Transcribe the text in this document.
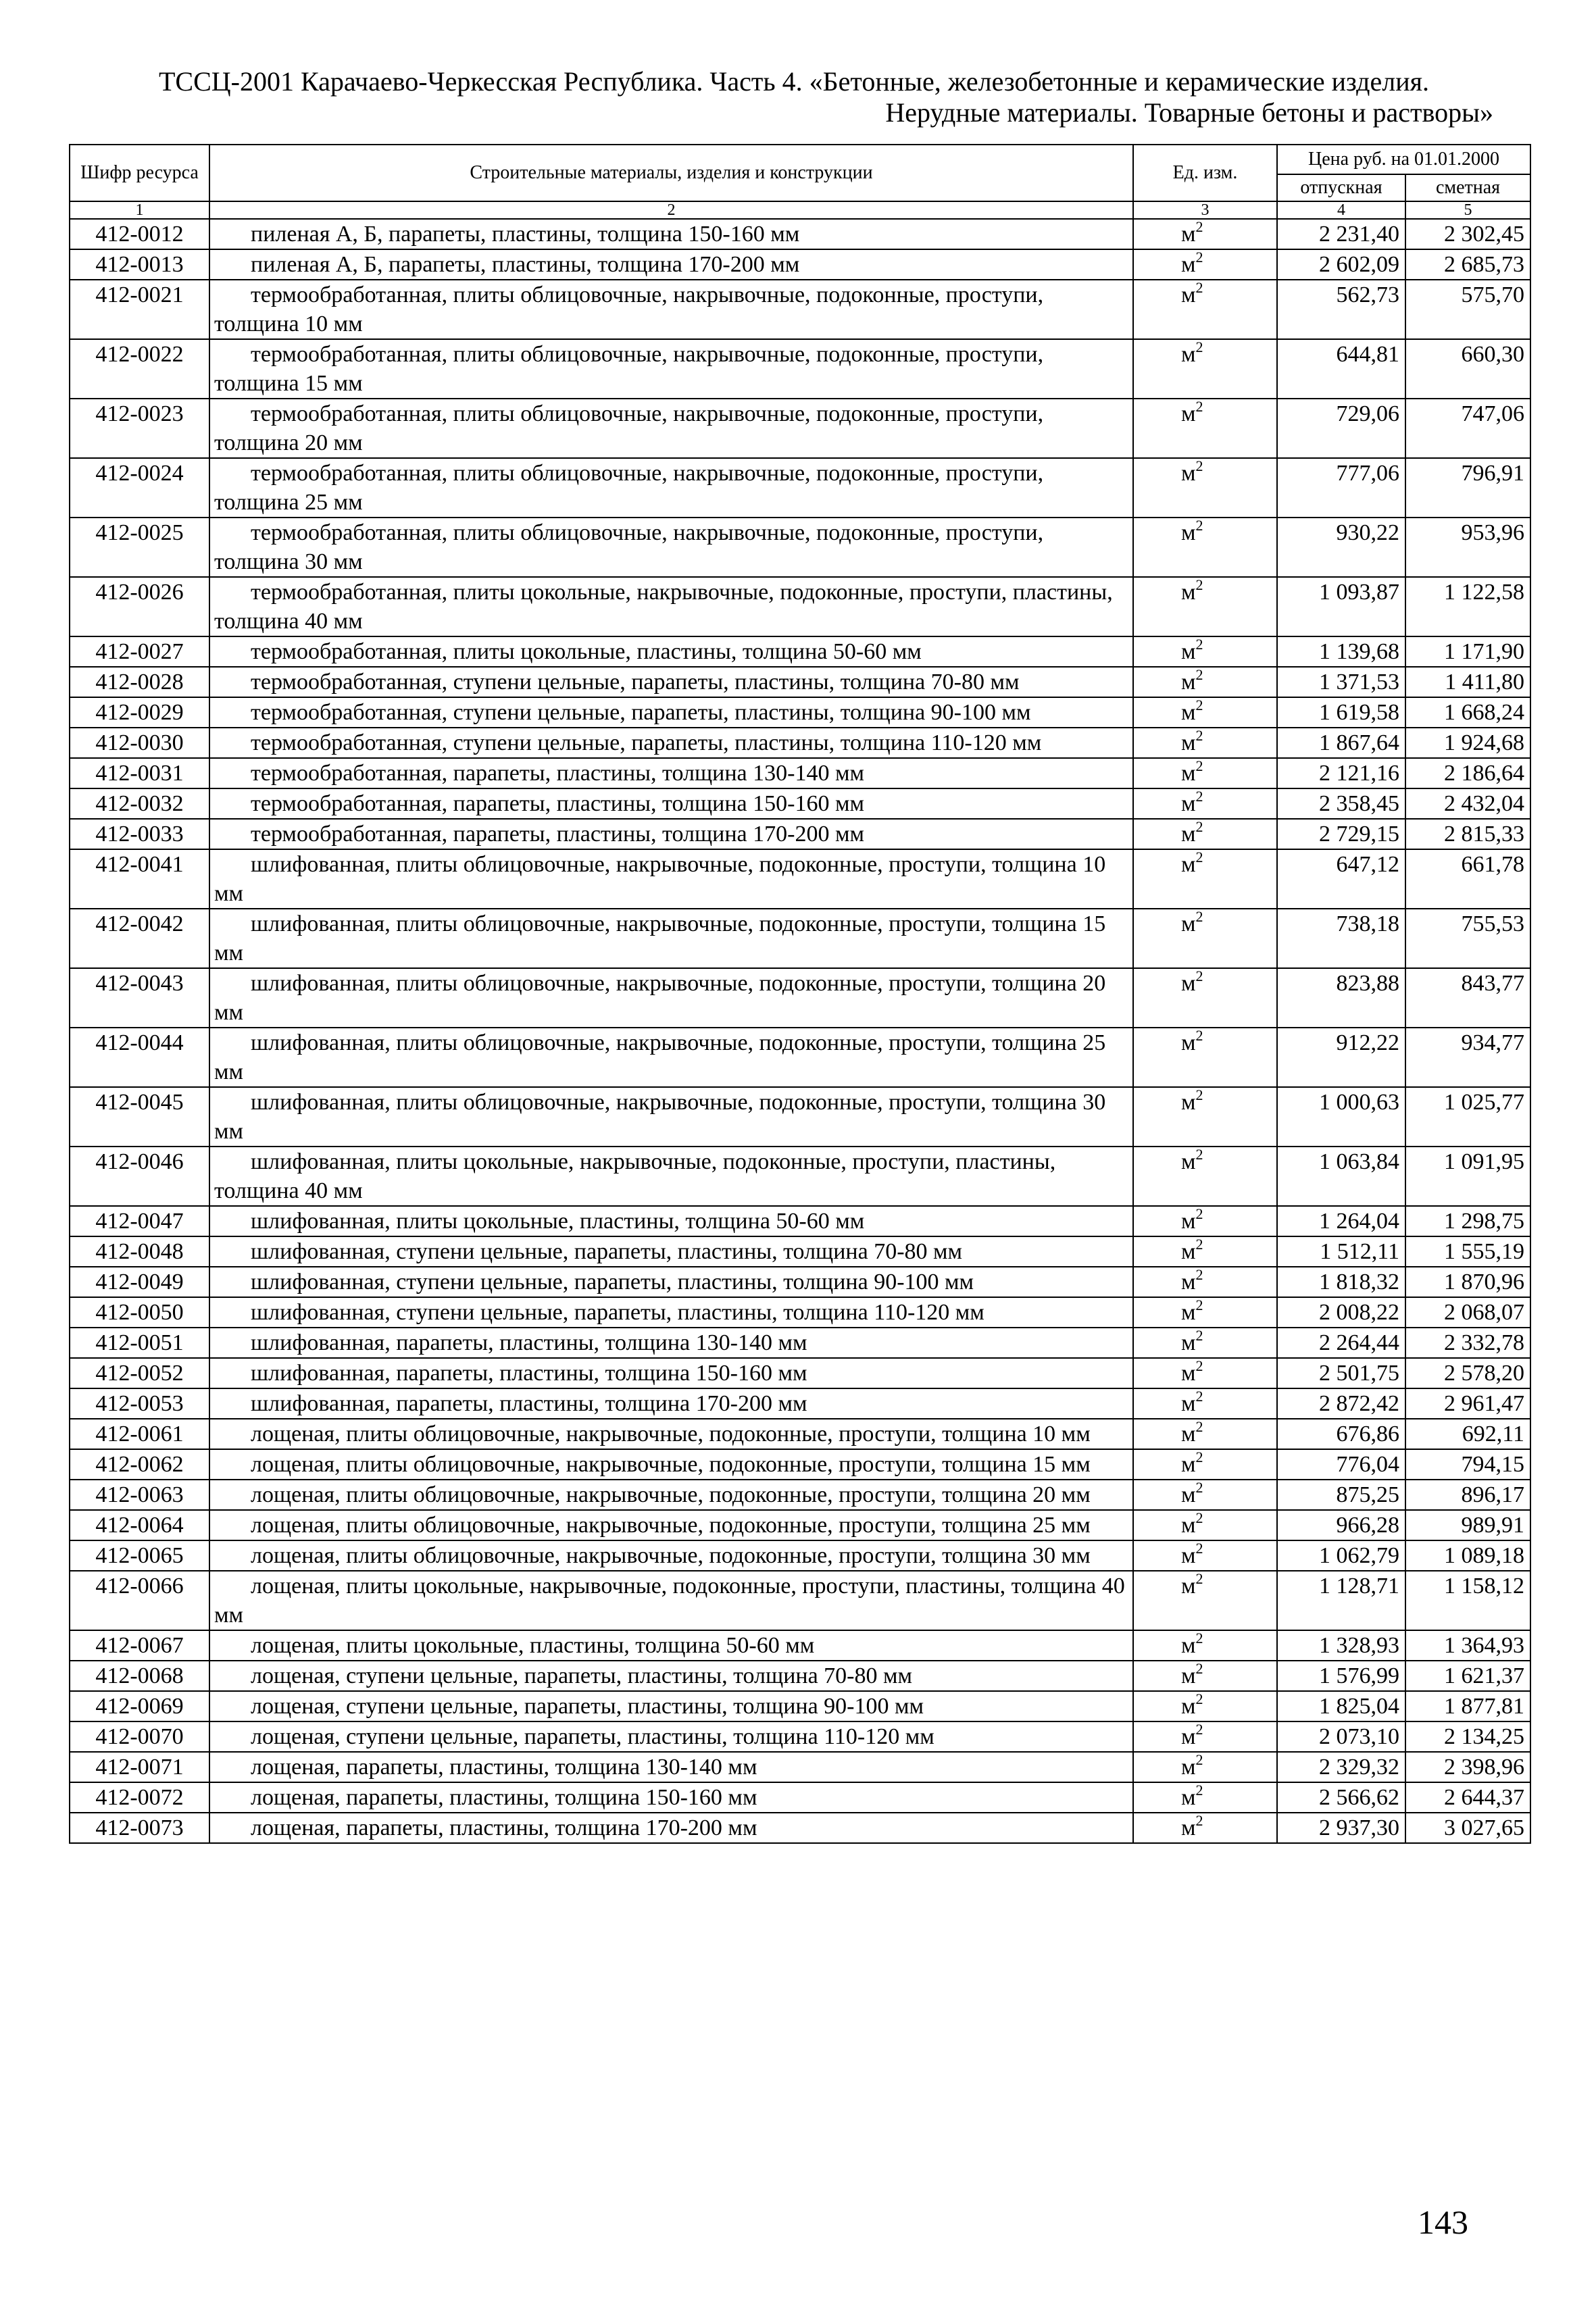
ТССЦ-2001 Карачаево-Черкесская Республика. Часть 4. «Бетонные, железобетонные и керамические изделия.
Нерудные материалы. Товарные бетоны и растворы»
Шифр ресурса	Строительные материалы, изделия и конструкции	Ед. изм.	Цена руб. на 01.01.2000	
			отпускная	сметная
1	2	3	4	5
412-0012	пиленая А, Б, парапеты, пластины, толщина 150-160 мм	$м^2$	2 231,40	2 302,45
412-0013	пиленая А, Б, парапеты, пластины, толщина 170-200 мм	$м^2$	2 602,09	2 685,73
412-0021	термообработанная, плиты облицовочные, накрывочные, подоконные, проступи, толщина 10 мм	$м^2$	562,73	575,70
412-0022	термообработанная, плиты облицовочные, накрывочные, подоконные, проступи, толщина 15 мм	$м^2$	644,81	660,30
412-0023	термообработанная, плиты облицовочные, накрывочные, подоконные, проступи, толщина 20 мм	$м^2$	729,06	747,06
412-0024	термообработанная, плиты облицовочные, накрывочные, подоконные, проступи, толщина 25 мм	$м^2$	777,06	796,91
412-0025	термообработанная, плиты облицовочные, накрывочные, подоконные, проступи, толщина 30 мм	$м^2$	930,22	953,96
412-0026	термообработанная, плиты цокольные, накрывочные, подоконные, проступи, пластины, толщина 40 мм	$м^2$	1 093,87	1 122,58
412-0027	термообработанная, плиты цокольные, пластины, толщина 50-60 мм	$м^2$	1 139,68	1 171,90
412-0028	термообработанная, ступени цельные, парапеты, пластины, толщина 70-80 мм	$м^2$	1 371,53	1 411,80
412-0029	термообработанная, ступени цельные, парапеты, пластины, толщина 90-100 мм	$м^2$	1 619,58	1 668,24
412-0030	термообработанная, ступени цельные, парапеты, пластины, толщина 110-120 мм	$м^2$	1 867,64	1 924,68
412-0031	термообработанная, парапеты, пластины, толщина 130-140 мм	$м^2$	2 121,16	2 186,64
412-0032	термообработанная, парапеты, пластины, толщина 150-160 мм	$м^2$	2 358,45	2 432,04
412-0033	термообработанная, парапеты, пластины, толщина 170-200 мм	$м^2$	2 729,15	2 815,33
412-0041	шлифованная, плиты облицовочные, накрывочные, подоконные, проступи, толщина 10 мм	$м^2$	647,12	661,78
412-0042	шлифованная, плиты облицовочные, накрывочные, подоконные, проступи, толщина 15 мм	$м^2$	738,18	755,53
412-0043	шлифованная, плиты облицовочные, накрывочные, подоконные, проступи, толщина 20 мм	$м^2$	823,88	843,77
412-0044	шлифованная, плиты облицовочные, накрывочные, подоконные, проступи, толщина 25 мм	$м^2$	912,22	934,77
412-0045	шлифованная, плиты облицовочные, накрывочные, подоконные, проступи, толщина 30 мм	$м^2$	1 000,63	1 025,77
412-0046	шлифованная, плиты цокольные, накрывочные, подоконные, проступи, пластины, толщина 40 мм	$м^2$	1 063,84	1 091,95
412-0047	шлифованная, плиты цокольные, пластины, толщина 50-60 мм	$м^2$	1 264,04	1 298,75
412-0048	шлифованная, ступени цельные, парапеты, пластины, толщина 70-80 мм	$м^2$	1 512,11	1 555,19
412-0049	шлифованная, ступени цельные, парапеты, пластины, толщина 90-100 мм	$м^2$	1 818,32	1 870,96
412-0050	шлифованная, ступени цельные, парапеты, пластины, толщина 110-120 мм	$м^2$	2 008,22	2 068,07
412-0051	шлифованная, парапеты, пластины, толщина 130-140 мм	$м^2$	2 264,44	2 332,78
412-0052	шлифованная, парапеты, пластины, толщина 150-160 мм	$м^2$	2 501,75	2 578,20
412-0053	шлифованная, парапеты, пластины, толщина 170-200 мм	$м^2$	2 872,42	2 961,47
412-0061	лощеная, плиты облицовочные, накрывочные, подоконные, проступи, толщина 10 мм	$м^2$	676,86	692,11
412-0062	лощеная, плиты облицовочные, накрывочные, подоконные, проступи, толщина 15 мм	$м^2$	776,04	794,15
412-0063	лощеная, плиты облицовочные, накрывочные, подоконные, проступи, толщина 20 мм	$м^2$	875,25	896,17
412-0064	лощеная, плиты облицовочные, накрывочные, подоконные, проступи, толщина 25 мм	$м^2$	966,28	989,91
412-0065	лощеная, плиты облицовочные, накрывочные, подоконные, проступи, толщина 30 мм	$м^2$	1 062,79	1 089,18
412-0066	лощеная, плиты цокольные, накрывочные, подоконные, проступи, пластины, толщина 40 мм	$м^2$	1 128,71	1 158,12
412-0067	лощеная, плиты цокольные, пластины, толщина 50-60 мм	$м^2$	1 328,93	1 364,93
412-0068	лощеная, ступени цельные, парапеты, пластины, толщина 70-80 мм	$м^2$	1 576,99	1 621,37
412-0069	лощеная, ступени цельные, парапеты, пластины, толщина 90-100 мм	$м^2$	1 825,04	1 877,81
412-0070	лощеная, ступени цельные, парапеты, пластины, толщина 110-120 мм	$м^2$	2 073,10	2 134,25
412-0071	лощеная, парапеты, пластины, толщина 130-140 мм	$м^2$	2 329,32	2 398,96
412-0072	лощеная, парапеты, пластины, толщина 150-160 мм	$м^2$	2 566,62	2 644,37
412-0073	лощеная, парапеты, пластины, толщина 170-200 мм	$м^2$	2 937,30	3 027,65
143
